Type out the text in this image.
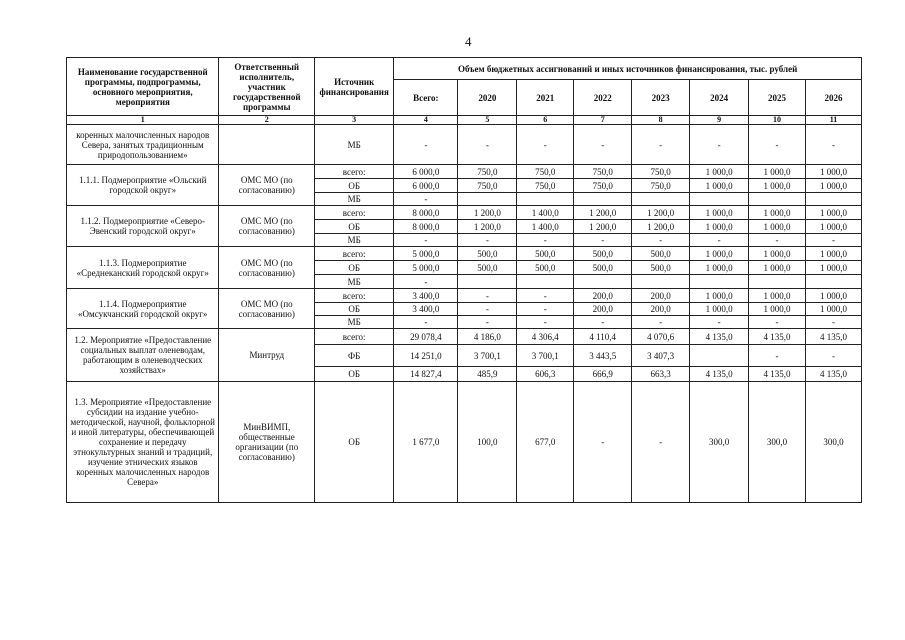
4
Наименование государственной программы, подпрограммы, основного мероприятия, мероприятия	Ответственный исполнитель, участник государственной программы	Источник финансирования	Объем бюджетных ассигнований и иных источников финансирования, тыс. рублей							
			Всего:	2020	2021	2022	2023	2024	2025	2026
1	2	3	4	5	6	7	8	9	10	11
коренных малочисленных народов Севера, занятых традиционным природопользованием»		МБ	-	-	-	-	-	-	-	-
1.1.1. Подмероприятие «Ольский городской округ»	ОМС МО (по согласованию)	всего:	6 000,0	750,0	750,0	750,0	750,0	1 000,0	1 000,0	1 000,0
		ОБ	6 000,0	750,0	750,0	750,0	750,0	1 000,0	1 000,0	1 000,0
		МБ	-							
1.1.2. Подмероприятие «Северо-Эвенский городской округ»	ОМС МО (по согласованию)	всего:	8 000,0	1 200,0	1 400,0	1 200,0	1 200,0	1 000,0	1 000,0	1 000,0
		ОБ	8 000,0	1 200,0	1 400,0	1 200,0	1 200,0	1 000,0	1 000,0	1 000,0
		МБ	-	-	-	-	-	-	-	-
1.1.3. Подмероприятие «Среднеканский городской округ»	ОМС МО (по согласованию)	всего:	5 000,0	500,0	500,0	500,0	500,0	1 000,0	1 000,0	1 000,0
		ОБ	5 000,0	500,0	500,0	500,0	500,0	1 000,0	1 000,0	1 000,0
		МБ	-							
1.1.4. Подмероприятие «Омсукчанский городской округ»	ОМС МО (по согласованию)	всего:	3 400,0	-	-	200,0	200,0	1 000,0	1 000,0	1 000,0
		ОБ	3 400,0	-	-	200,0	200,0	1 000,0	1 000,0	1 000,0
		МБ	-	-	-	-	-	-	-	-
1.2. Мероприятие «Предоставление социальных выплат оленеводам, работающим в оленеводческих хозяйствах»	Минтруд	всего:	29 078,4	4 186,0	4 306,4	4 110,4	4 070,6	4 135,0	4 135,0	4 135,0
		ФБ	14 251,0	3 700,1	3 700,1	3 443,5	3 407,3		-	-
		ОБ	14 827,4	485,9	606,3	666,9	663,3	4 135,0	4 135,0	4 135,0
1.3. Мероприятие «Предоставление субсидии на издание учебно-методической, научной, фольклорной и иной литературы, обеспечивающей сохранение и передачу этнокультурных знаний и традиций, изучение этнических языков коренных малочисленных народов Севера»	МинВИМП, общественные организации (по согласованию)	ОБ	1 677,0	100,0	677,0	-	-	300,0	300,0	300,0
